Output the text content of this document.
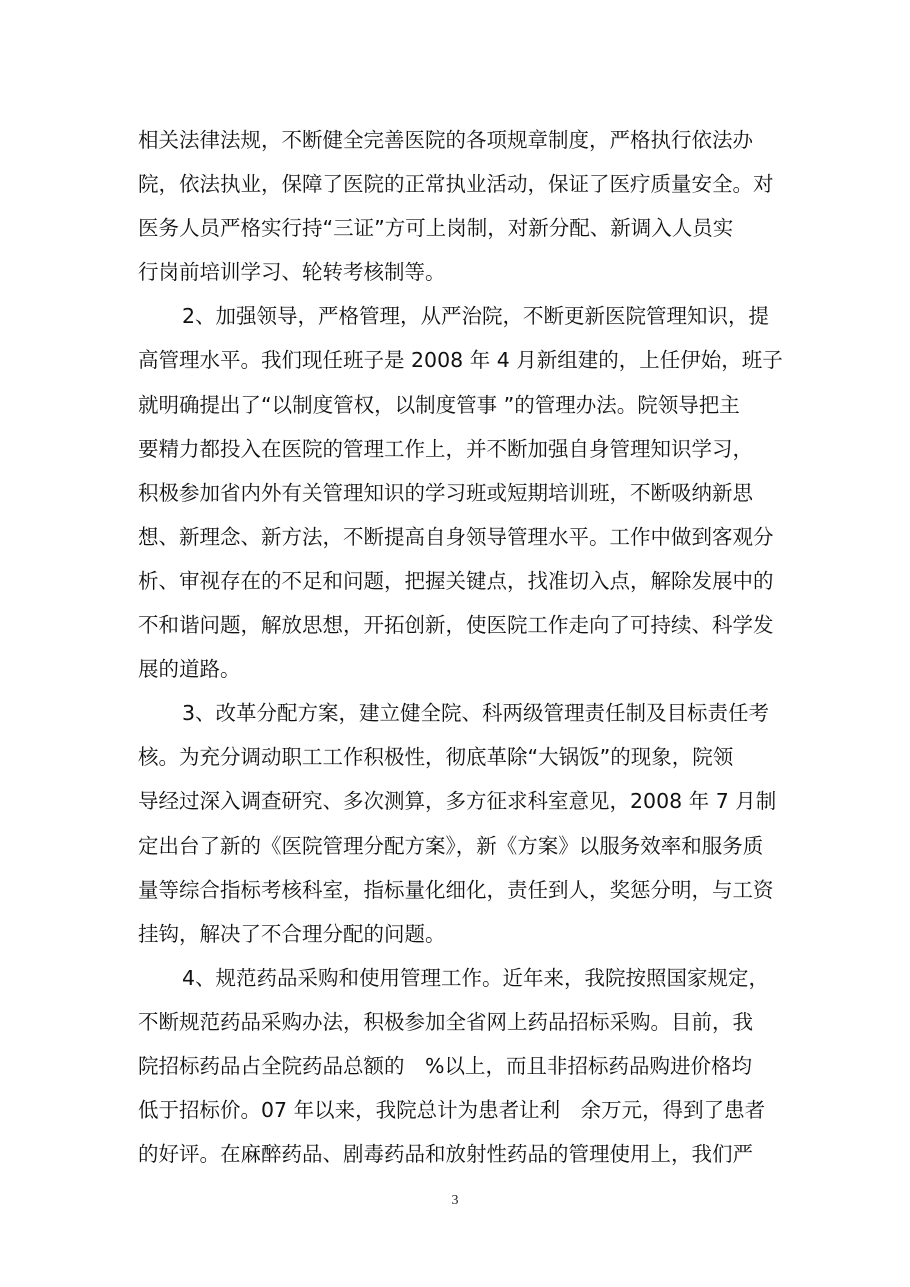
相关法律法规，不断健全完善医院的各项规章制度，严格执行依法办
院，依法执业，保障了医院的正常执业活动，保证了医疗质量安全。对
医务人员严格实行持“三证”方可上岗制，对新分配、新调入人员实
行岗前培训学习、轮转考核制等。
2、加强领导，严格管理，从严治院，不断更新医院管理知识，提
高管理水平。我们现任班子是 2008 年 4 月新组建的，上任伊始，班子
就明确提出了“以制度管权，以制度管事 ”的管理办法。院领导把主
要精力都投入在医院的管理工作上，并不断加强自身管理知识学习，
积极参加省内外有关管理知识的学习班或短期培训班，不断吸纳新思
想、新理念、新方法，不断提高自身领导管理水平。工作中做到客观分
析、审视存在的不足和问题，把握关键点，找准切入点，解除发展中的
不和谐问题，解放思想，开拓创新，使医院工作走向了可持续、科学发
展的道路。
3、改革分配方案，建立健全院、科两级管理责任制及目标责任考
核。为充分调动职工工作积极性，彻底革除“大锅饭”的现象，院领
导经过深入调查研究、多次测算，多方征求科室意见，2008 年 7 月制
定出台了新的《医院管理分配方案》，新《方案》以服务效率和服务质
量等综合指标考核科室，指标量化细化，责任到人，奖惩分明，与工资
挂钩，解决了不合理分配的问题。
4、规范药品采购和使用管理工作。近年来，我院按照国家规定，
不断规范药品采购办法，积极参加全省网上药品招标采购。目前，我
院招标药品占全院药品总额的　%以上，而且非招标药品购进价格均
低于招标价。07 年以来，我院总计为患者让利　余万元，得到了患者
的好评。在麻醉药品、剧毒药品和放射性药品的管理使用上，我们严
3
